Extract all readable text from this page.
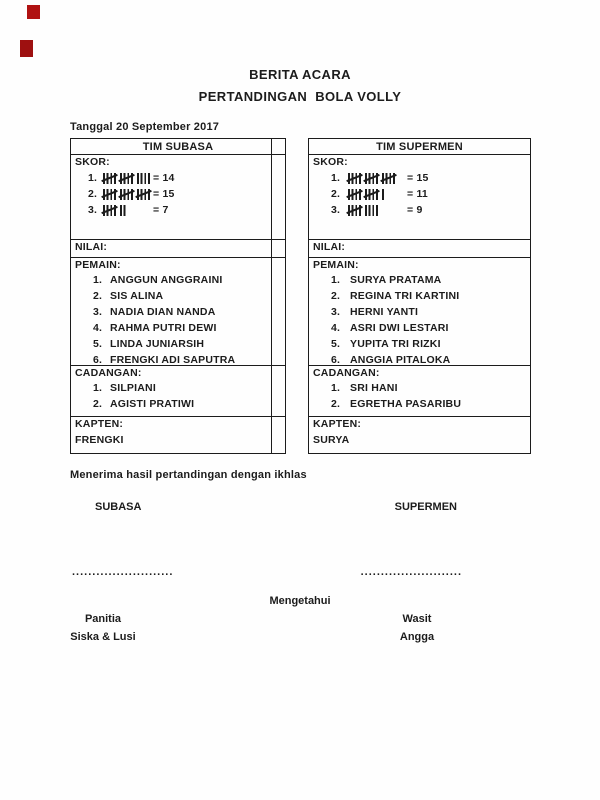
BERITA ACARA
PERTANDINGAN  BOLA VOLLY
Tanggal 20 September 2017
TIM SUBASA
SKOR:
= 14
= 15
= 7
NILAI:
PEMAIN:
ANGGUN ANGGRAINI
SIS ALINA
NADIA DIAN NANDA
RAHMA PUTRI DEWI
LINDA JUNIARSIH
FRENGKI ADI SAPUTRA
CADANGAN:
SILPIANI
AGISTI PRATIWI
KAPTEN:
FRENGKI
TIM SUPERMEN
SKOR:
= 15
= 11
= 9
NILAI:
PEMAIN:
SURYA PRATAMA
REGINA TRI KARTINI
HERNI YANTI
ASRI DWI LESTARI
YUPITA TRI RIZKI
ANGGIA PITALOKA
CADANGAN:
SRI HANI
EGRETHA PASARIBU
KAPTEN:
SURYA
Menerima hasil pertandingan dengan ikhlas
SUBASA	SUPERMEN
.........................	.........................
Mengetahui
Panitia	Wasit
Siska & Lusi	Angga
